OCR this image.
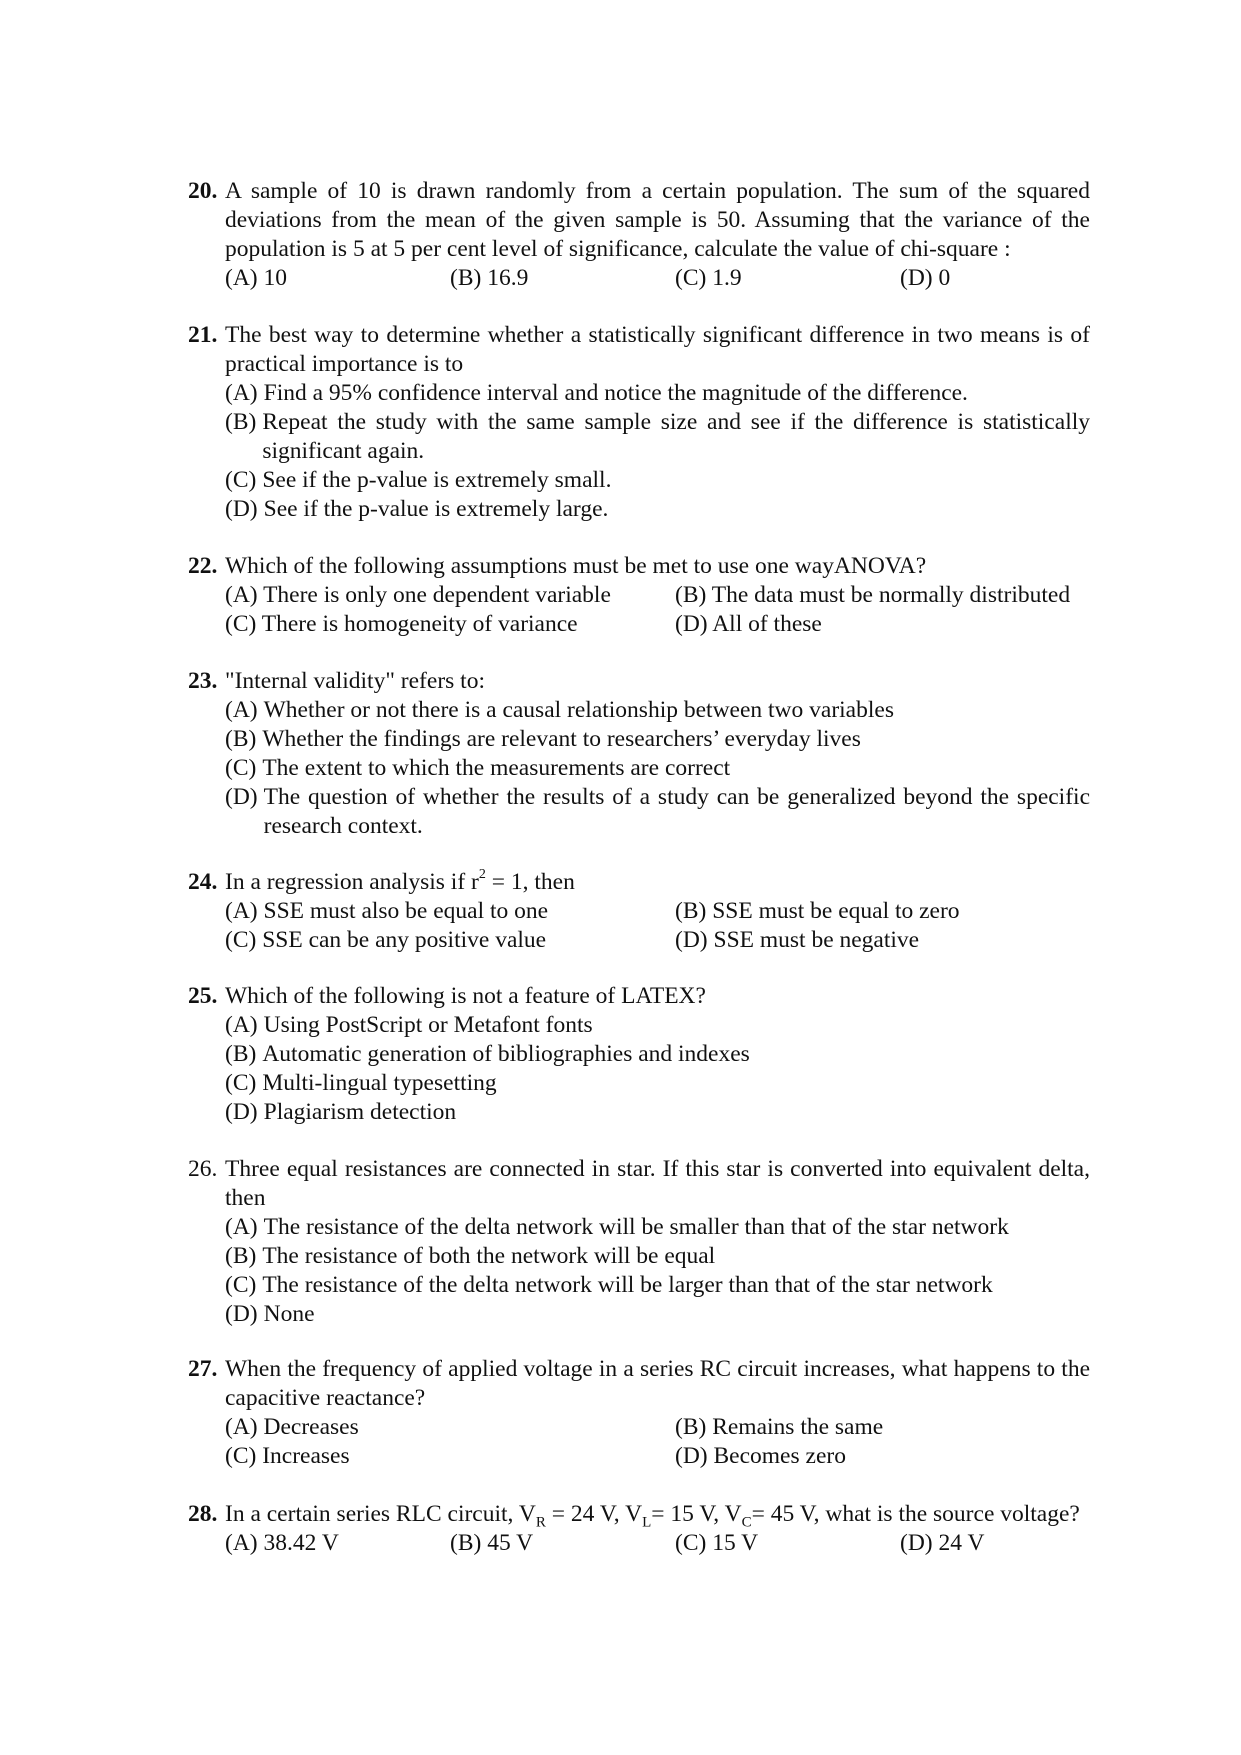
20. A sample of 10 is drawn randomly from a certain population. The sum of the squared deviations from the mean of the given sample is 50. Assuming that the variance of the population is 5 at 5 per cent level of significance, calculate the value of chi-square :
(A) 10	(B) 16.9	(C) 1.9	(D) 0
21. The best way to determine whether a statistically significant difference in two means is of practical importance is to
(A) Find a 95% confidence interval and notice the magnitude of the difference.
(B) Repeat the study with the same sample size and see if the difference is statistically significant again.
(C) See if the p-value is extremely small.
(D) See if the p-value is extremely large.
22. Which of the following assumptions must be met to use one wayANOVA?
(A) There is only one dependent variable	(B) The data must be normally distributed
(C) There is homogeneity of variance	(D) All of these
23. "Internal validity" refers to:
(A) Whether or not there is a causal relationship between two variables
(B) Whether the findings are relevant to researchers’ everyday lives
(C) The extent to which the measurements are correct
(D) The question of whether the results of a study can be generalized beyond the specific research context.
24. In a regression analysis if $r^2 = 1$, then
(A) SSE must also be equal to one	(B) SSE must be equal to zero
(C) SSE can be any positive value	(D) SSE must be negative
25. Which of the following is not a feature of LATEX?
(A) Using PostScript or Metafont fonts
(B) Automatic generation of bibliographies and indexes
(C) Multi-lingual typesetting
(D) Plagiarism detection
26. Three equal resistances are connected in star. If this star is converted into equivalent delta, then
(A) The resistance of the delta network will be smaller than that of the star network
(B) The resistance of both the network will be equal
(C) The resistance of the delta network will be larger than that of the star network
(D) None
27. When the frequency of applied voltage in a series RC circuit increases, what happens to the capacitive reactance?
(A) Decreases	(B) Remains the same
(C) Increases	(D) Becomes zero
28. In a certain series RLC circuit, $V_R = 24$ V, $V_L= 15$ V, $V_C= 45$ V, what is the source voltage?
(A) 38.42 V	(B) 45 V	(C) 15 V	(D) 24 V
